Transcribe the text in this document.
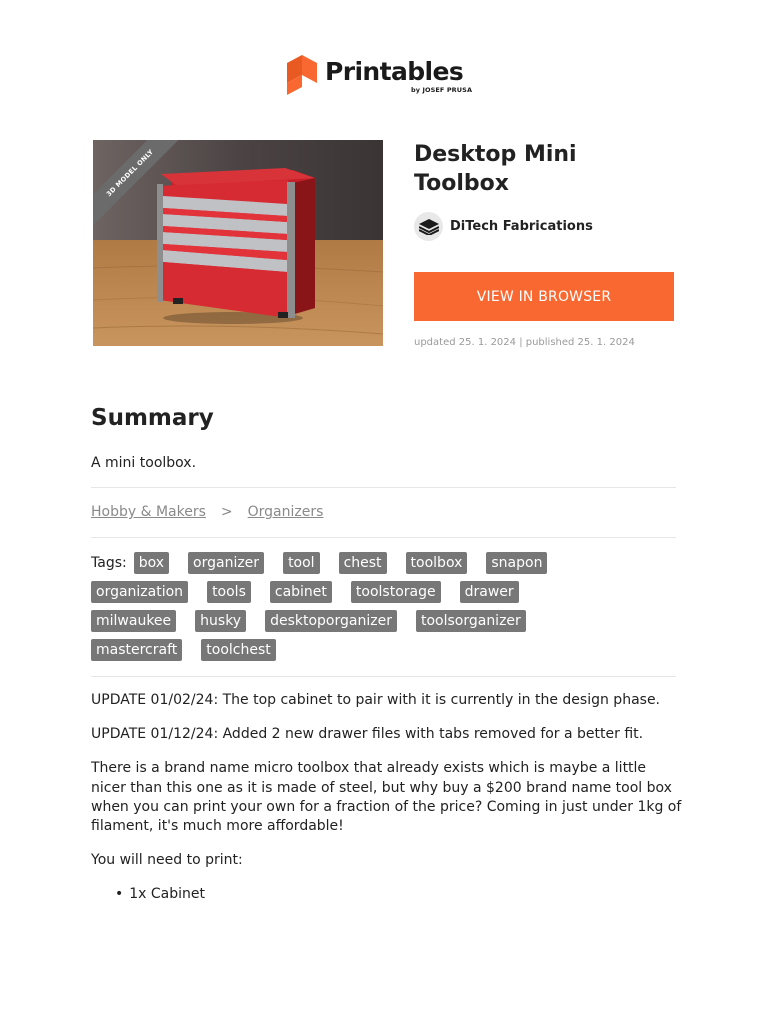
Printables
by JOSEF PRUSA
3D MODEL ONLY	Desktop Mini Toolbox
DiTech Fabrications
VIEW IN BROWSER
updated 25. 1. 2024 | published 25. 1. 2024
Summary
A mini toolbox.
Hobby & Makers > Organizers
Tags: box	organizer	tool	chest	toolbox	snapon
organization	tools	cabinet	toolstorage	drawer
milwaukee	husky	desktoporganizer	toolsorganizer
mastercraft	toolchest

UPDATE 01/02/24: The top cabinet to pair with it is currently in the design phase.

UPDATE 01/12/24: Added 2 new drawer files with tabs removed for a better fit.

There is a brand name micro toolbox that already exists which is maybe a little nicer than this one as it is made of steel, but why buy a $200 brand name tool box when you can print your own for a fraction of the price? Coming in just under 1kg of filament, it's much more affordable!

You will need to print:

• 1x Cabinet
